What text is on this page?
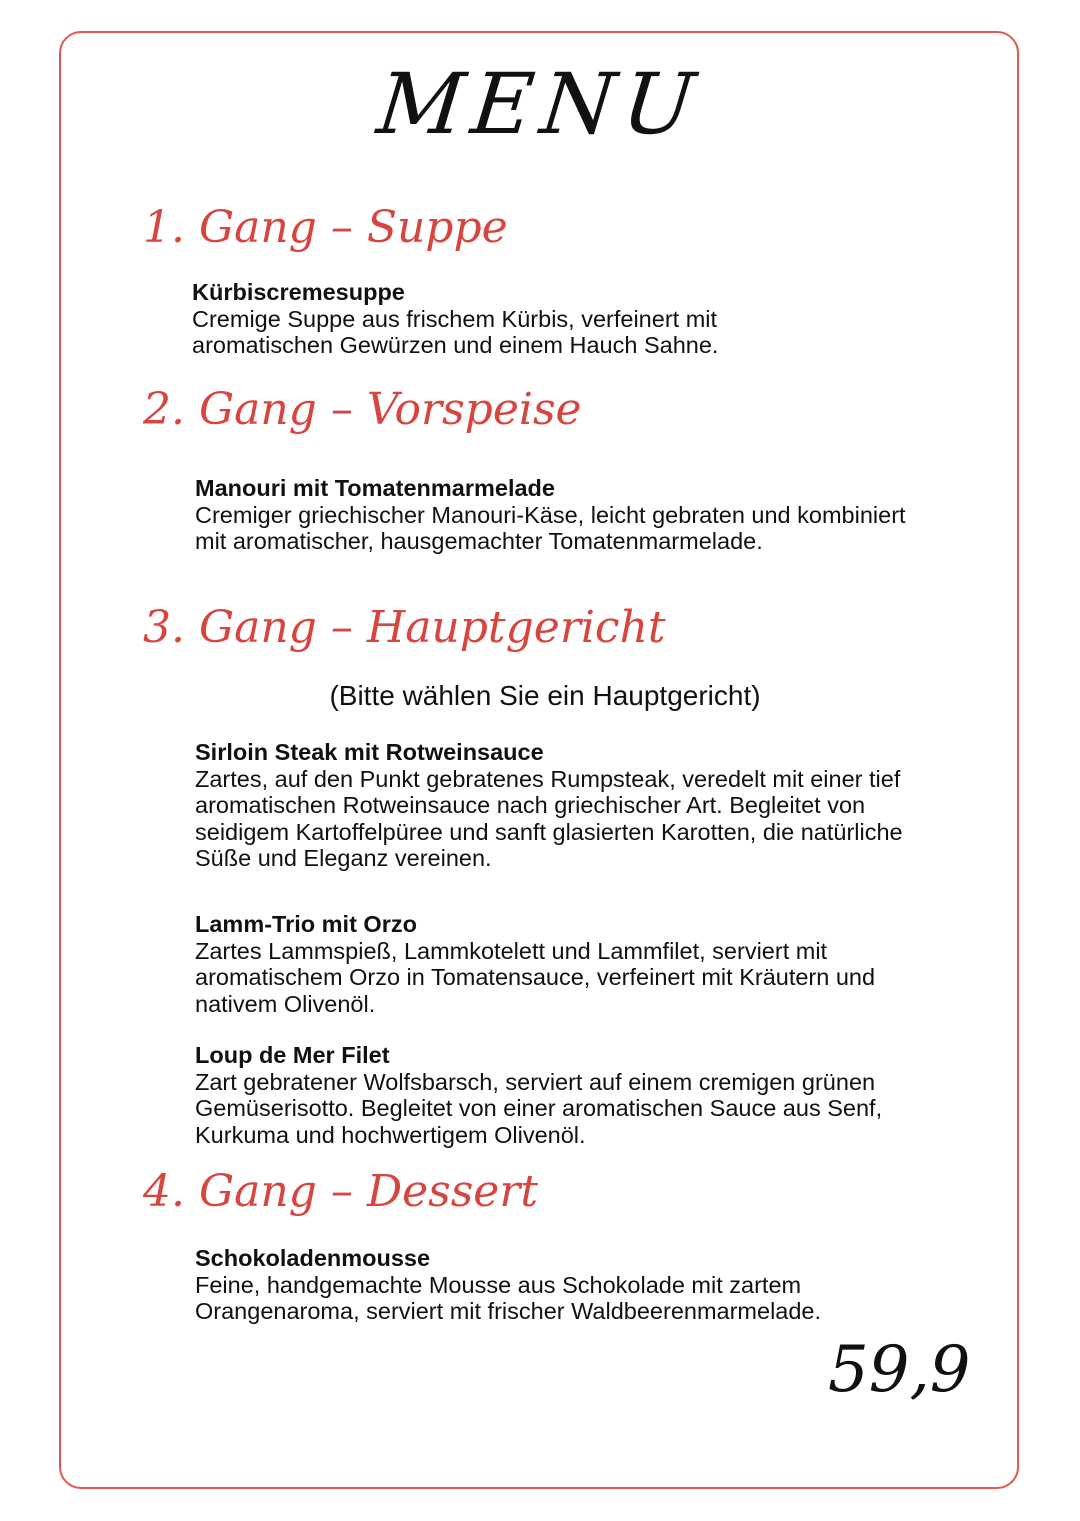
MENU
1. Gang – Suppe
Kürbiscremesuppe
Cremige Suppe aus frischem Kürbis, verfeinert mit aromatischen Gewürzen und einem Hauch Sahne.
2. Gang – Vorspeise
Manouri mit Tomatenmarmelade
Cremiger griechischer Manouri-Käse, leicht gebraten und kombiniert mit aromatischer, hausgemachter Tomatenmarmelade.
3. Gang – Hauptgericht
(Bitte wählen Sie ein Hauptgericht)
Sirloin Steak mit Rotweinsauce
Zartes, auf den Punkt gebratenes Rumpsteak, veredelt mit einer tief aromatischen Rotweinsauce nach griechischer Art. Begleitet von seidigem Kartoffelpüree und sanft glasierten Karotten, die natürliche Süße und Eleganz vereinen.
Lamm-Trio mit Orzo
Zartes Lammspieß, Lammkotelett und Lammfilet, serviert mit aromatischem Orzo in Tomatensauce, verfeinert mit Kräutern und nativem Olivenöl.
Loup de Mer Filet
Zart gebratener Wolfsbarsch, serviert auf einem cremigen grünen Gemüserisotto. Begleitet von einer aromatischen Sauce aus Senf, Kurkuma und hochwertigem Olivenöl.
4. Gang – Dessert
Schokoladenmousse
Feine, handgemachte Mousse aus Schokolade mit zartem Orangenaroma, serviert mit frischer Waldbeerenmarmelade.
59,9
